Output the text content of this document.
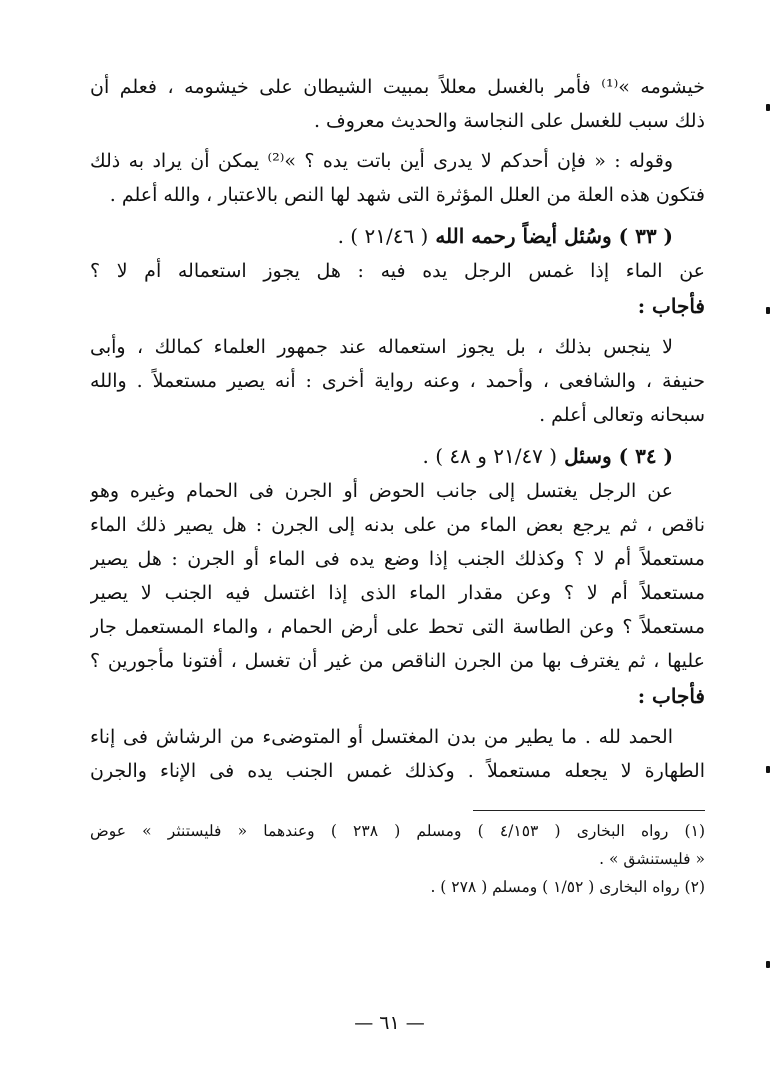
خيشومه »⁽¹⁾ فأمر بالغسل معللاً بمبيت الشيطان على خيشومه ، فعلم أن
ذلك سبب للغسل على النجاسة والحديث معروف .
وقوله : « فإن أحدكم لا يدرى أين باتت يده ؟ »⁽²⁾ يمكن أن يراد به ذلك
فتكون هذه العلة من العلل المؤثرة التى شهد لها النص بالاعتبار ، والله أعلم .
( ٣٣ ) وسُئل أيضاً رحمه الله ( ٢١/٤٦ ) .
عن الماء إذا غمس الرجل يده فيه : هل يجوز استعماله أم لا ؟
فأجاب :
لا ينجس بذلك ، بل يجوز استعماله عند جمهور العلماء كمالك ، وأبى
حنيفة ، والشافعى ، وأحمد ، وعنه رواية أخرى : أنه يصير مستعملاً . والله
سبحانه وتعالى أعلم .
( ٣٤ ) وسئل ( ٢١/٤٧ و ٤٨ ) .
عن الرجل يغتسل إلى جانب الحوض أو الجرن فى الحمام وغيره وهو
ناقص ، ثم يرجع بعض الماء من على بدنه إلى الجرن : هل يصير ذلك الماء
مستعملاً أم لا ؟ وكذلك الجنب إذا وضع يده فى الماء أو الجرن : هل يصير
مستعملاً أم لا ؟ وعن مقدار الماء الذى إذا اغتسل فيه الجنب لا يصير
مستعملاً ؟ وعن الطاسة التى تحط على أرض الحمام ، والماء المستعمل جار
عليها ، ثم يغترف بها من الجرن الناقص من غير أن تغسل ، أفتونا مأجورين ؟
فأجاب :
الحمد لله . ما يطير من بدن المغتسل أو المتوضىء من الرشاش فى إناء
الطهارة لا يجعله مستعملاً . وكذلك غمس الجنب يده فى الإناء والجرن
(١) رواه البخارى ( ٤/١٥٣ ) ومسلم ( ٢٣٨ ) وعندهما « فليستنثر » عوض
« فليستنشق » .
(٢) رواه البخارى ( ١/٥٢ ) ومسلم ( ٢٧٨ ) .
— ٦١ —
